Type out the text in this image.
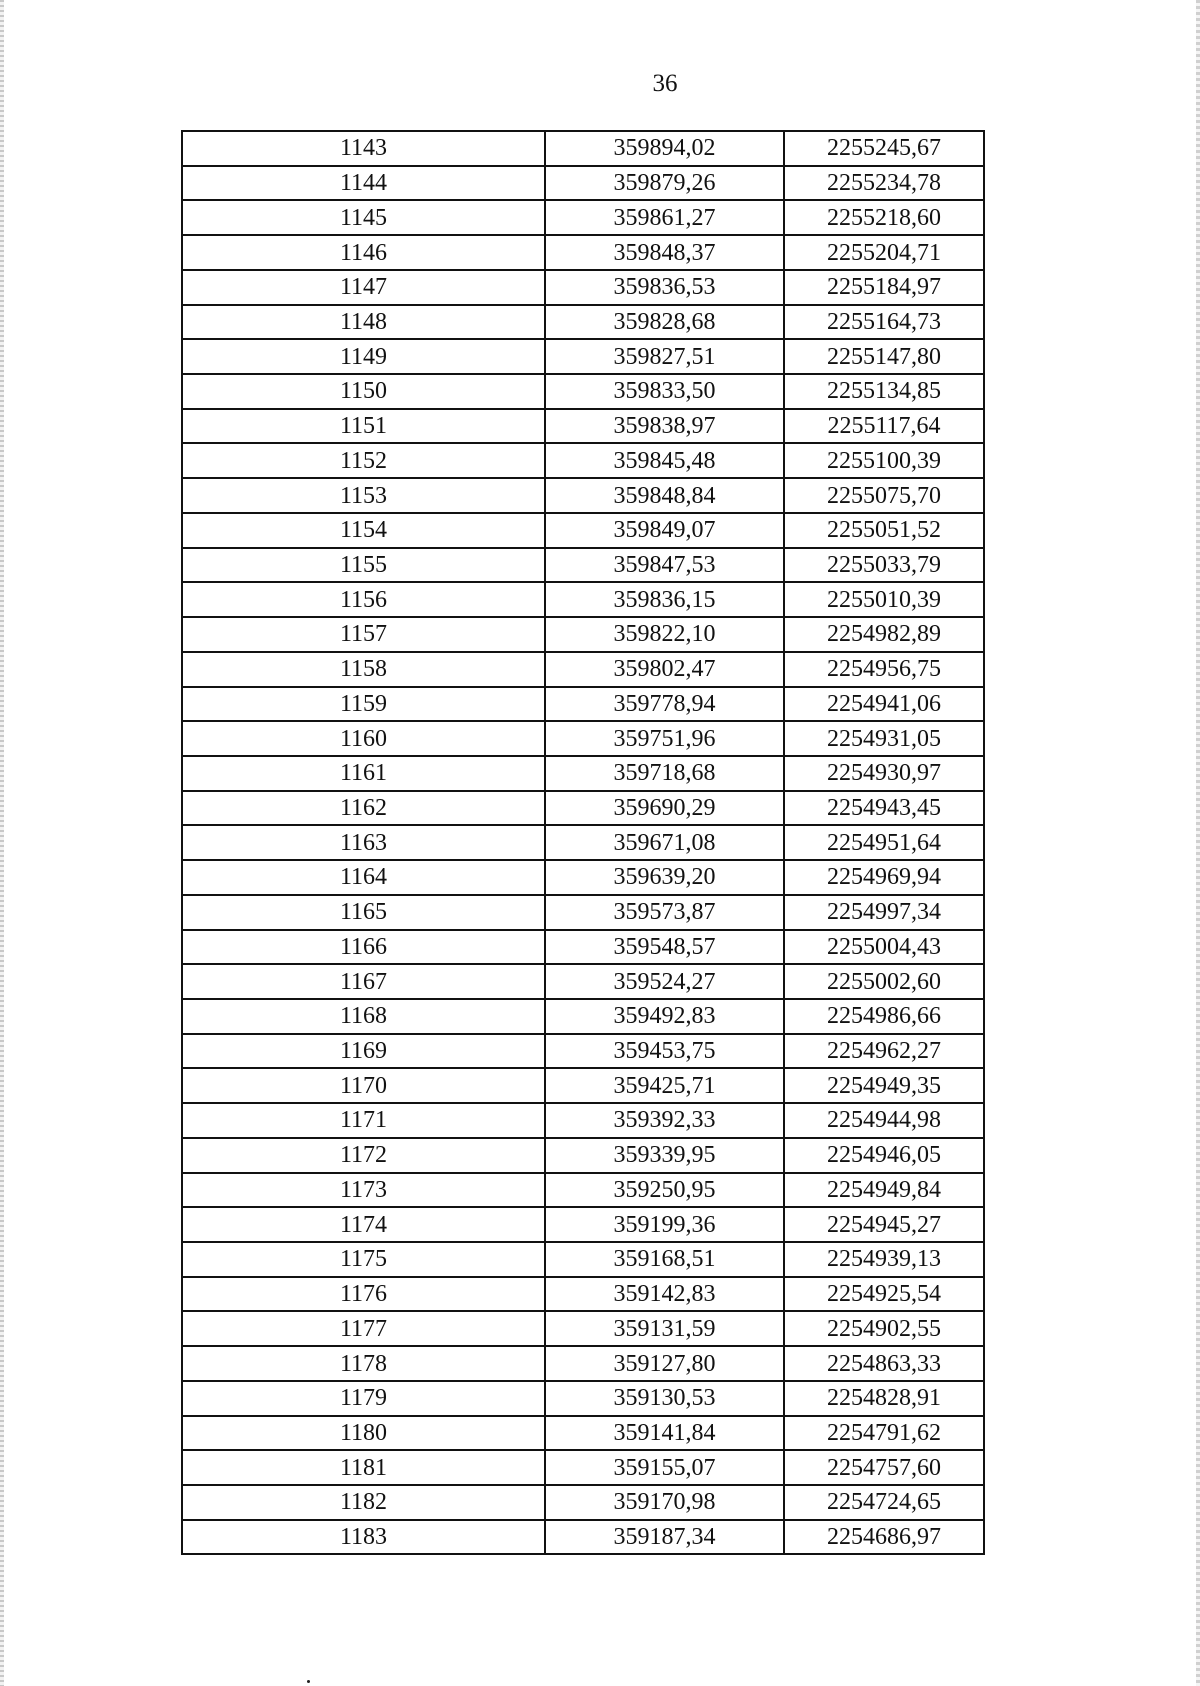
36
1143	359894,02	2255245,67
1144	359879,26	2255234,78
1145	359861,27	2255218,60
1146	359848,37	2255204,71
1147	359836,53	2255184,97
1148	359828,68	2255164,73
1149	359827,51	2255147,80
1150	359833,50	2255134,85
1151	359838,97	2255117,64
1152	359845,48	2255100,39
1153	359848,84	2255075,70
1154	359849,07	2255051,52
1155	359847,53	2255033,79
1156	359836,15	2255010,39
1157	359822,10	2254982,89
1158	359802,47	2254956,75
1159	359778,94	2254941,06
1160	359751,96	2254931,05
1161	359718,68	2254930,97
1162	359690,29	2254943,45
1163	359671,08	2254951,64
1164	359639,20	2254969,94
1165	359573,87	2254997,34
1166	359548,57	2255004,43
1167	359524,27	2255002,60
1168	359492,83	2254986,66
1169	359453,75	2254962,27
1170	359425,71	2254949,35
1171	359392,33	2254944,98
1172	359339,95	2254946,05
1173	359250,95	2254949,84
1174	359199,36	2254945,27
1175	359168,51	2254939,13
1176	359142,83	2254925,54
1177	359131,59	2254902,55
1178	359127,80	2254863,33
1179	359130,53	2254828,91
1180	359141,84	2254791,62
1181	359155,07	2254757,60
1182	359170,98	2254724,65
1183	359187,34	2254686,97
